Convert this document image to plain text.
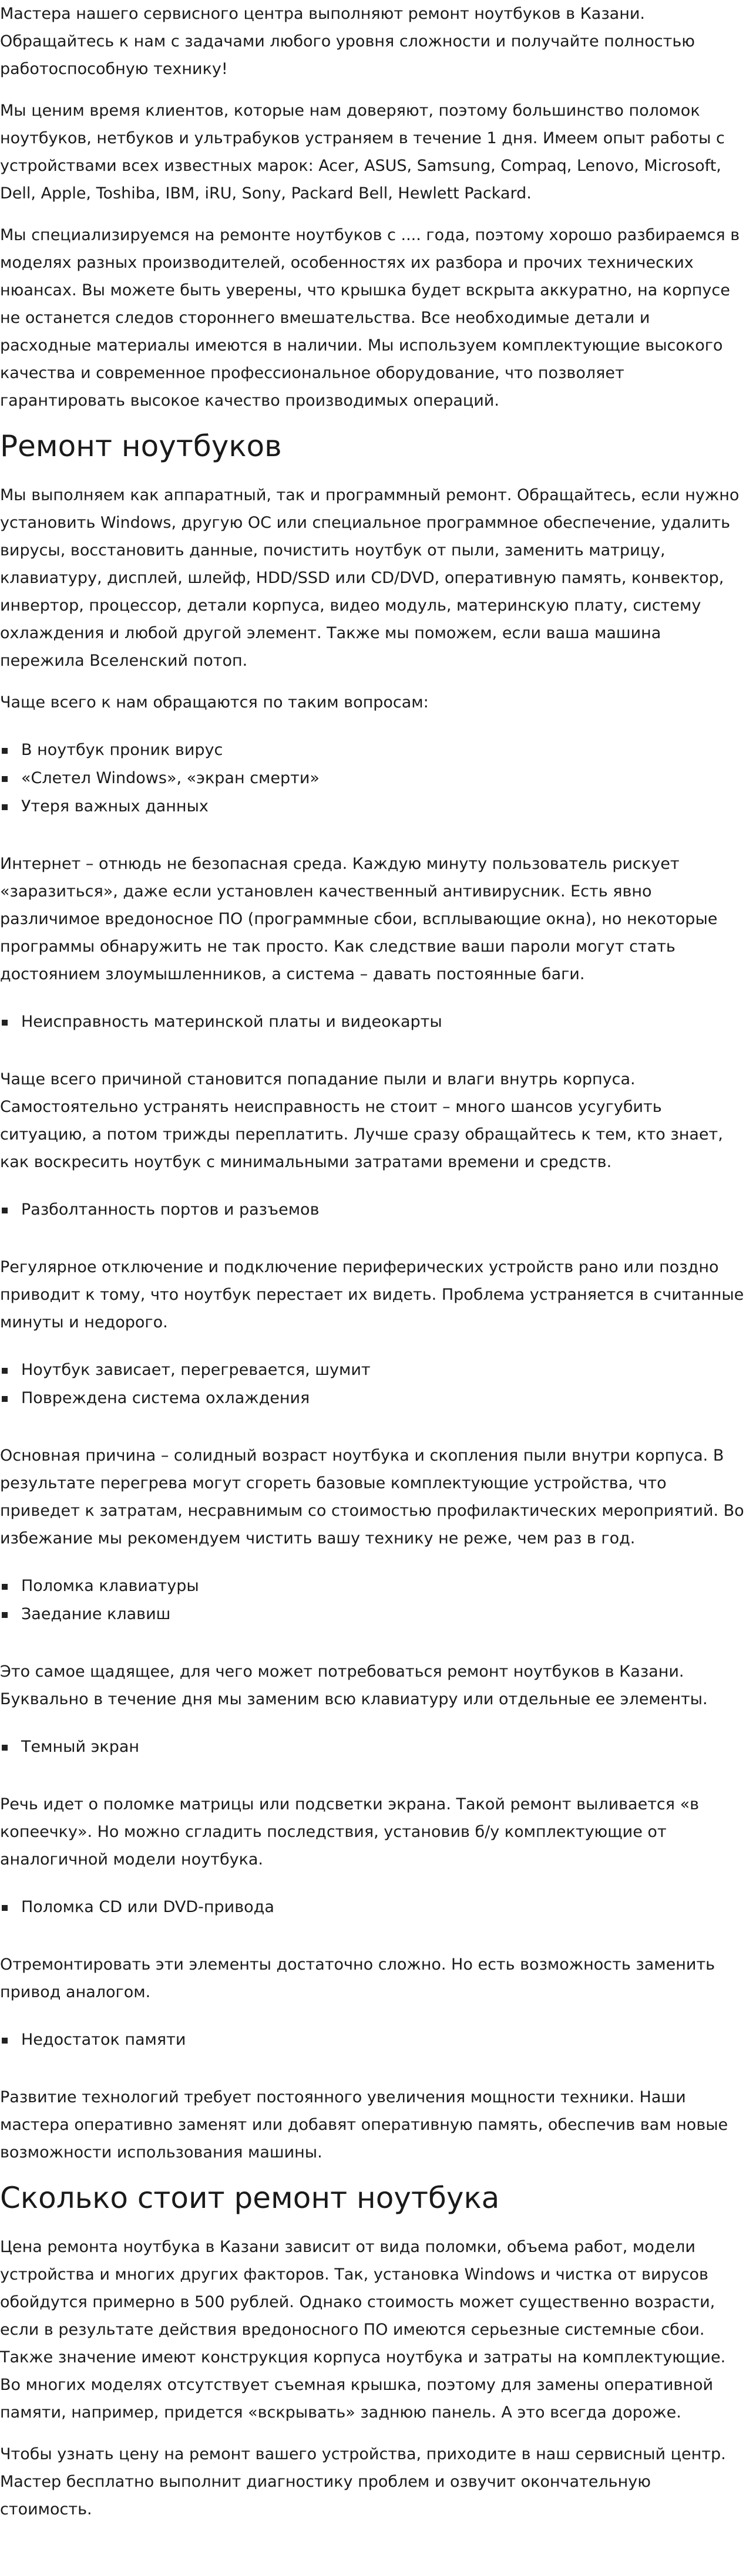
Мастера нашего сервисного центра выполняют ремонт ноутбуков в Казани. Обращайтесь к нам с задачами любого уровня сложности и получайте полностью работоспособную технику!

Мы ценим время клиентов, которые нам доверяют, поэтому большинство поломок ноутбуков, нетбуков и ультрабуков устраняем в течение 1 дня. Имеем опыт работы с устройствами всех известных марок: Acer, ASUS, Samsung, Compaq, Lenovo, Microsoft, Dell, Apple, Toshiba, IBM, iRU, Sony, Packard Bell, Hewlett Packard.

Мы специализируемся на ремонте ноутбуков с .... года, поэтому хорошо разбираемся в моделях разных производителей, особенностях их разбора и прочих технических нюансах. Вы можете быть уверены, что крышка будет вскрыта аккуратно, на корпусе не останется следов стороннего вмешательства. Все необходимые детали и расходные материалы имеются в наличии. Мы используем комплектующие высокого качества и современное профессиональное оборудование, что позволяет гарантировать высокое качество производимых операций.

Ремонт ноутбуков

Мы выполняем как аппаратный, так и программный ремонт. Обращайтесь, если нужно установить Windows, другую ОС или специальное программное обеспечение, удалить вирусы, восстановить данные, почистить ноутбук от пыли, заменить матрицу, клавиатуру, дисплей, шлейф, HDD/SSD или CD/DVD, оперативную память, конвектор, инвертор, процессор, детали корпуса, видео модуль, материнскую плату, систему охлаждения и любой другой элемент. Также мы поможем, если ваша машина пережила Вселенский потоп.

Чаще всего к нам обращаются по таким вопросам:

В ноутбук проник вирус
«Слетел Windows», «экран смерти»
Утеря важных данных

Интернет – отнюдь не безопасная среда. Каждую минуту пользователь рискует «заразиться», даже если установлен качественный антивирусник. Есть явно различимое вредоносное ПО (программные сбои, всплывающие окна), но некоторые программы обнаружить не так просто. Как следствие ваши пароли могут стать достоянием злоумышленников, а система – давать постоянные баги.

Неисправность материнской платы и видеокарты

Чаще всего причиной становится попадание пыли и влаги внутрь корпуса. Самостоятельно устранять неисправность не стоит – много шансов усугубить ситуацию, а потом трижды переплатить. Лучше сразу обращайтесь к тем, кто знает, как воскресить ноутбук с минимальными затратами времени и средств.

Разболтанность портов и разъемов

Регулярное отключение и подключение периферических устройств рано или поздно приводит к тому, что ноутбук перестает их видеть. Проблема устраняется в считанные минуты и недорого.

Ноутбук зависает, перегревается, шумит
Повреждена система охлаждения

Основная причина – солидный возраст ноутбука и скопления пыли внутри корпуса. В результате перегрева могут сгореть базовые комплектующие устройства, что приведет к затратам, несравнимым со стоимостью профилактических мероприятий. Во избежание мы рекомендуем чистить вашу технику не реже, чем раз в год.

Поломка клавиатуры
Заедание клавиш

Это самое щадящее, для чего может потребоваться ремонт ноутбуков в Казани. Буквально в течение дня мы заменим всю клавиатуру или отдельные ее элементы.

Темный экран

Речь идет о поломке матрицы или подсветки экрана. Такой ремонт выливается «в копеечку». Но можно сгладить последствия, установив б/у комплектующие от аналогичной модели ноутбука.

Поломка CD или DVD-привода

Отремонтировать эти элементы достаточно сложно. Но есть возможность заменить привод аналогом.

Недостаток памяти

Развитие технологий требует постоянного увеличения мощности техники. Наши мастера оперативно заменят или добавят оперативную память, обеспечив вам новые возможности использования машины.

Сколько стоит ремонт ноутбука

Цена ремонта ноутбука в Казани зависит от вида поломки, объема работ, модели устройства и многих других факторов. Так, установка Windows и чистка от вирусов обойдутся примерно в 500 рублей. Однако стоимость может существенно возрасти, если в результате действия вредоносного ПО имеются серьезные системные сбои. Также значение имеют конструкция корпуса ноутбука и затраты на комплектующие. Во многих моделях отсутствует съемная крышка, поэтому для замены оперативной памяти, например, придется «вскрывать» заднюю панель. А это всегда дороже.

Чтобы узнать цену на ремонт вашего устройства, приходите в наш сервисный центр. Мастер бесплатно выполнит диагностику проблем и озвучит окончательную стоимость.
